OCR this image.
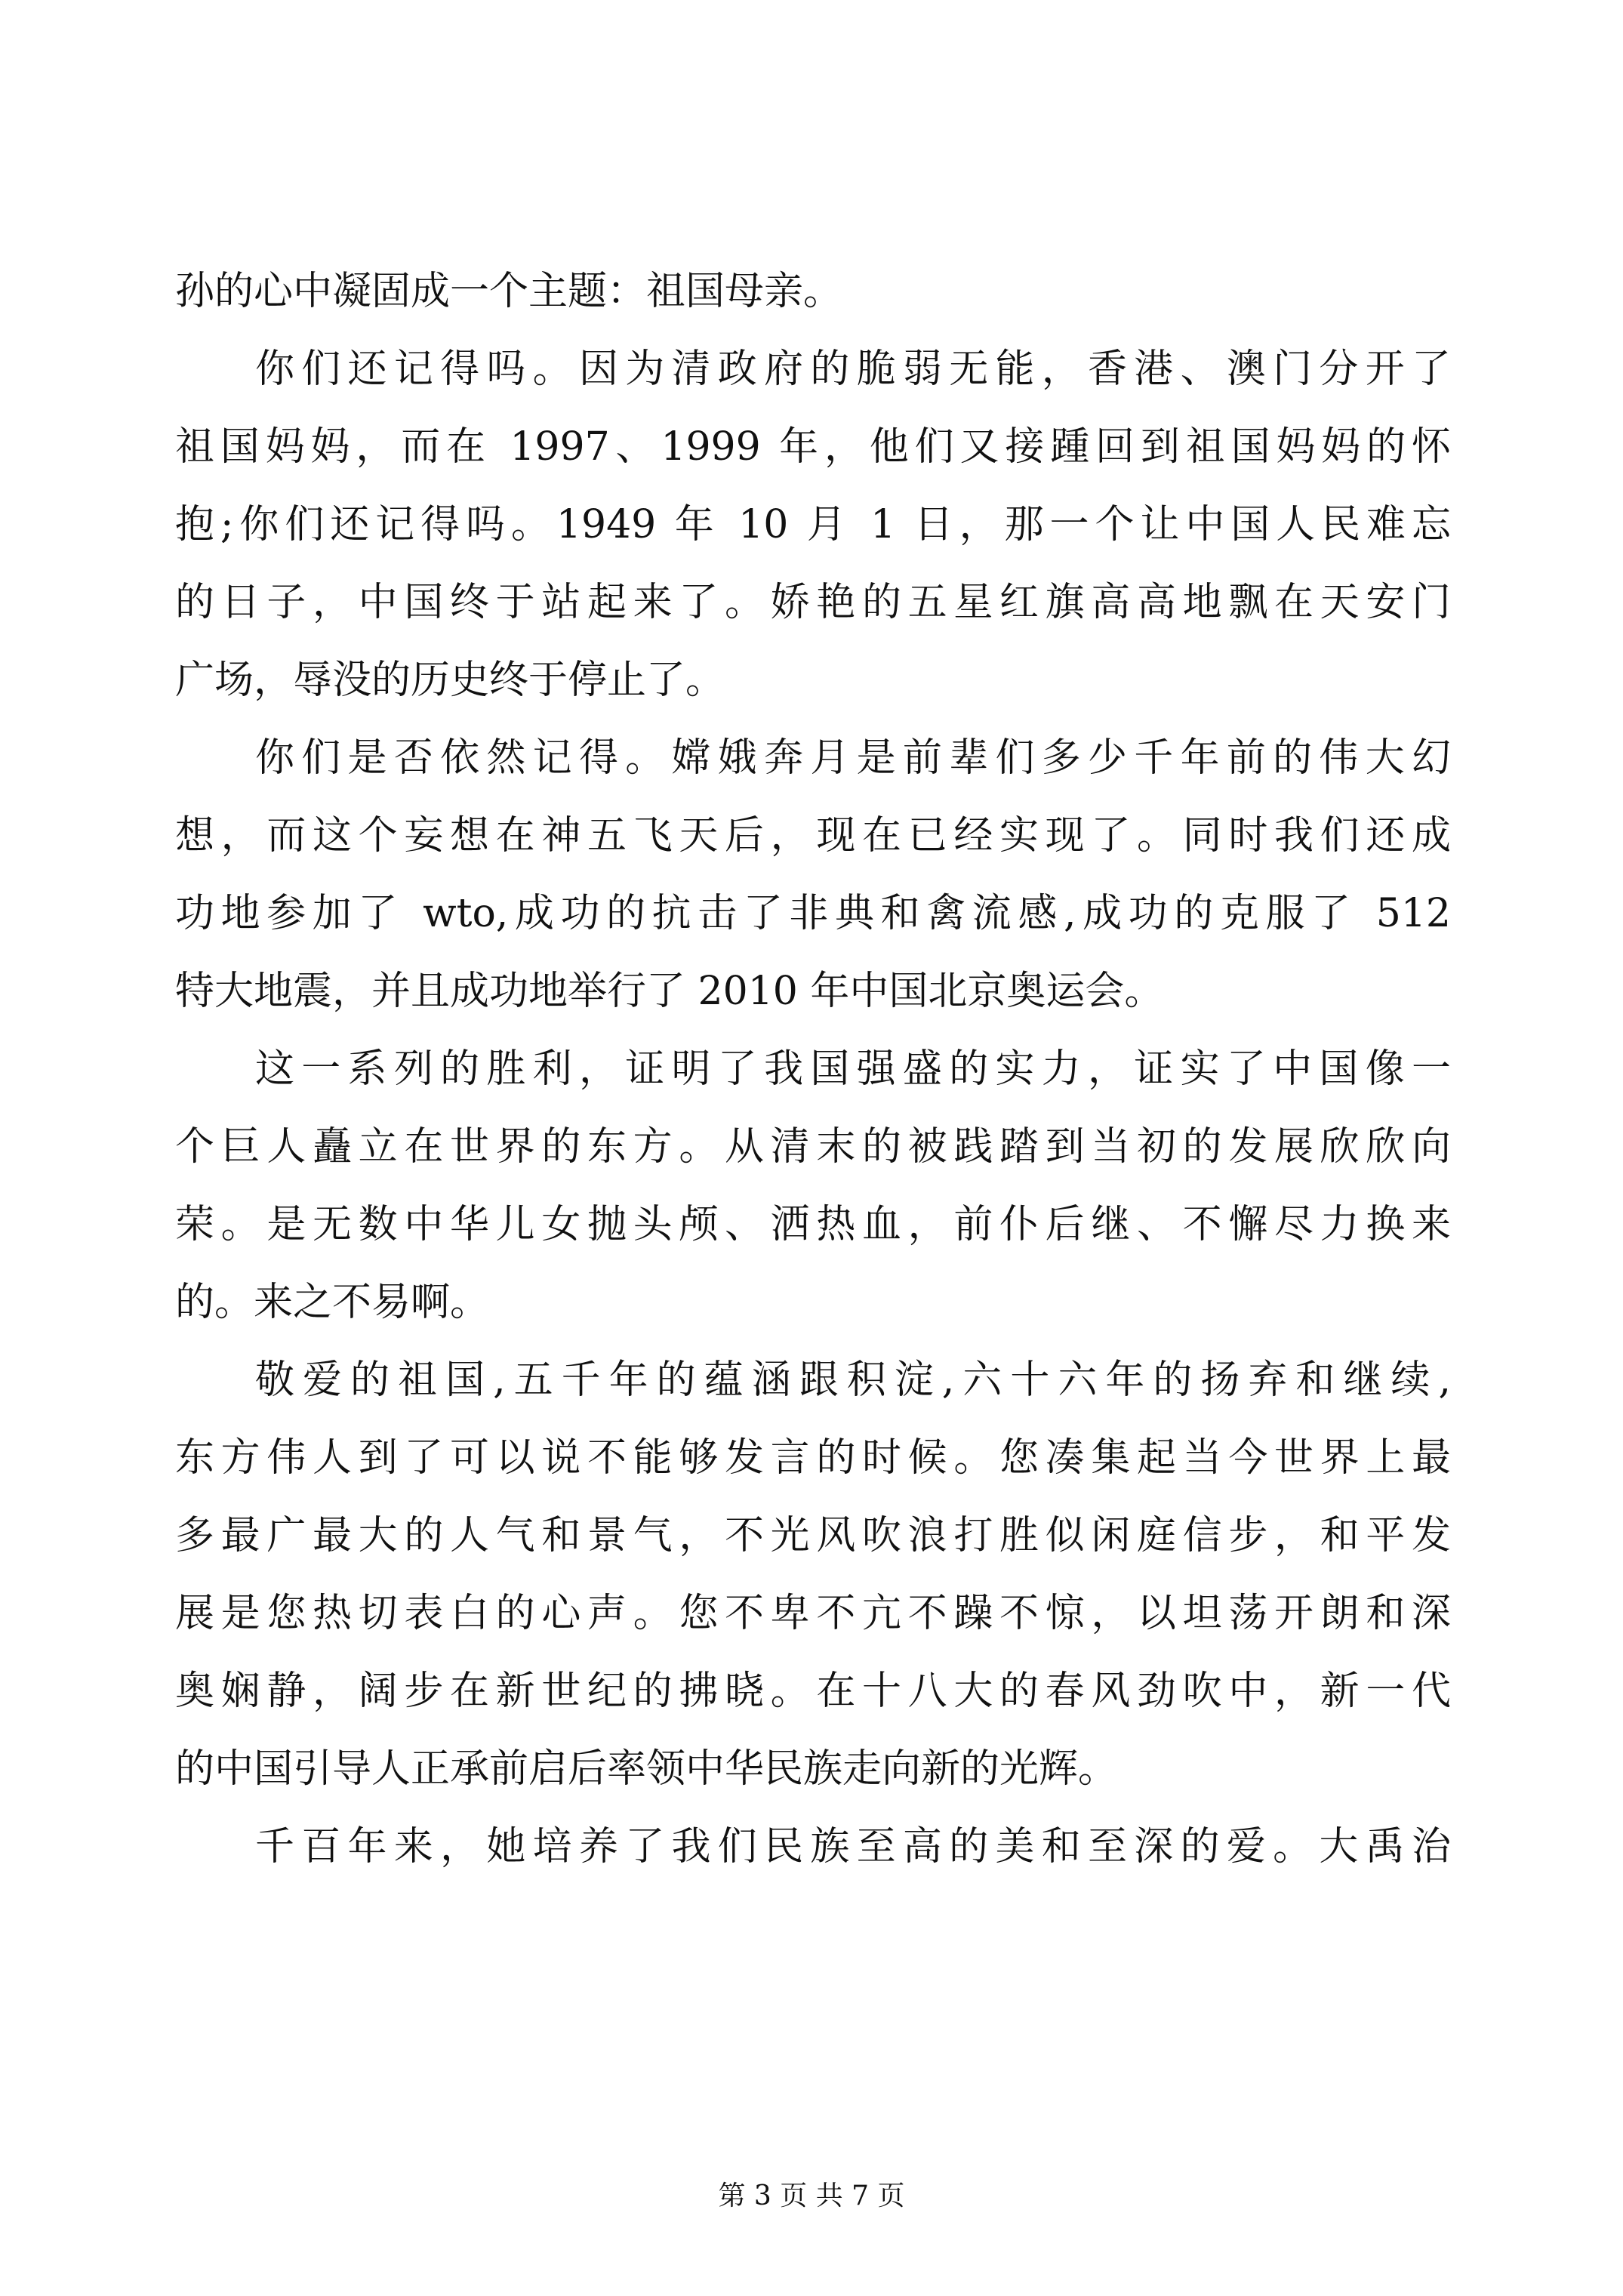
孙的心中凝固成一个主题：祖国母亲。
你们还记得吗。因为清政府的脆弱无能，香港、澳门分开了
祖国妈妈，而在 1997、1999 年，他们又接踵回到祖国妈妈的怀
抱;你们还记得吗。1949 年 10 月 1 日，那一个让中国人民难忘
的日子，中国终于站起来了。娇艳的五星红旗高高地飘在天安门
广场，辱没的历史终于停止了。
你们是否依然记得。嫦娥奔月是前辈们多少千年前的伟大幻
想，而这个妄想在神五飞天后，现在已经实现了。同时我们还成
功地参加了 wto,成功的抗击了非典和禽流感,成功的克服了 512
特大地震，并且成功地举行了 2010 年中国北京奥运会。
这一系列的胜利，证明了我国强盛的实力，证实了中国像一
个巨人矗立在世界的东方。从清末的被践踏到当初的发展欣欣向
荣。是无数中华儿女抛头颅、洒热血，前仆后继、不懈尽力换来
的。来之不易啊。
敬爱的祖国,五千年的蕴涵跟积淀,六十六年的扬弃和继续,
东方伟人到了可以说不能够发言的时候。您凑集起当今世界上最
多最广最大的人气和景气，不光风吹浪打胜似闲庭信步，和平发
展是您热切表白的心声。您不卑不亢不躁不惊，以坦荡开朗和深
奥娴静，阔步在新世纪的拂晓。在十八大的春风劲吹中，新一代
的中国引导人正承前启后率领中华民族走向新的光辉。
千百年来，她培养了我们民族至高的美和至深的爱。大禹治
第 3 页 共 7 页
